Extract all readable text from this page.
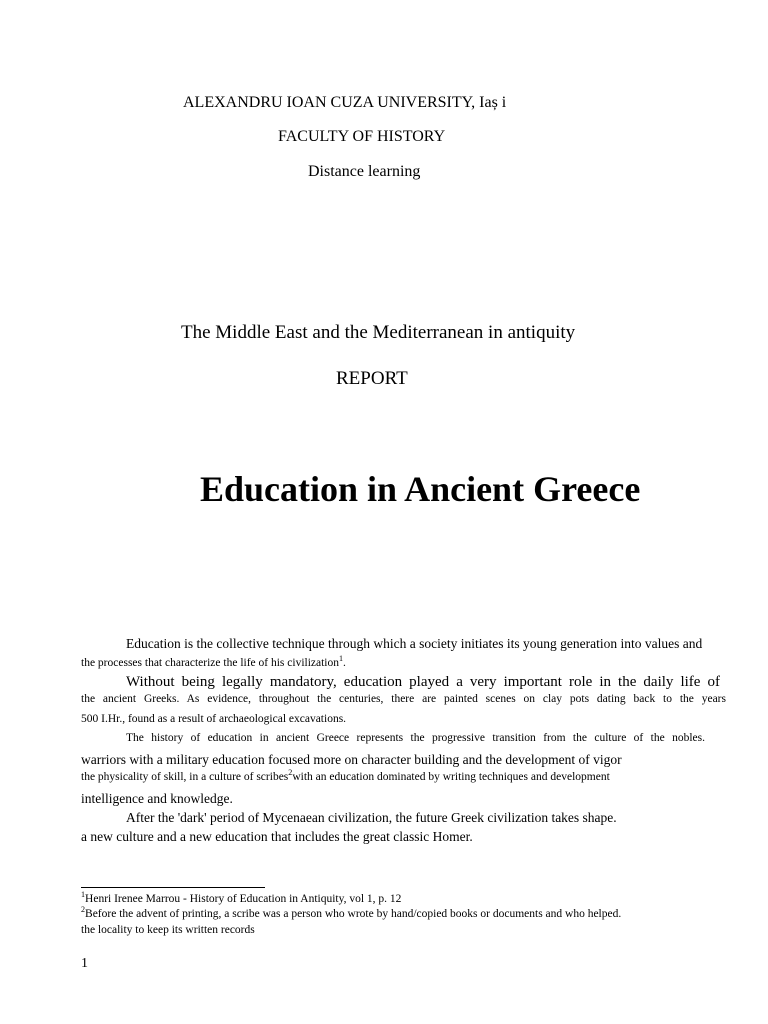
ALEXANDRU IOAN CUZA UNIVERSITY, Iaș i
FACULTY OF HISTORY
Distance learning
The Middle East and the Mediterranean in antiquity
REPORT
Education in Ancient Greece
Education is the collective technique through which a society initiates its young generation into values and
the processes that characterize the life of his civilization$^1$.
Without being legally mandatory, education played a very important role in the daily life of
the ancient Greeks. As evidence, throughout the centuries, there are painted scenes on clay pots dating back to the years
500 I.Hr., found as a result of archaeological excavations.
The history of education in ancient Greece represents the progressive transition from the culture of the nobles.
warriors with a military education focused more on character building and the development of vigor
the physicality of skill, in a culture of scribes$^2$with an education dominated by writing techniques and development
intelligence and knowledge.
After the 'dark' period of Mycenaean civilization, the future Greek civilization takes shape.
a new culture and a new education that includes the great classic Homer.
$^1$Henri Irenee Marrou - History of Education in Antiquity, vol 1, p. 12
$^2$Before the advent of printing, a scribe was a person who wrote by hand/copied books or documents and who helped.
the locality to keep its written records
1
